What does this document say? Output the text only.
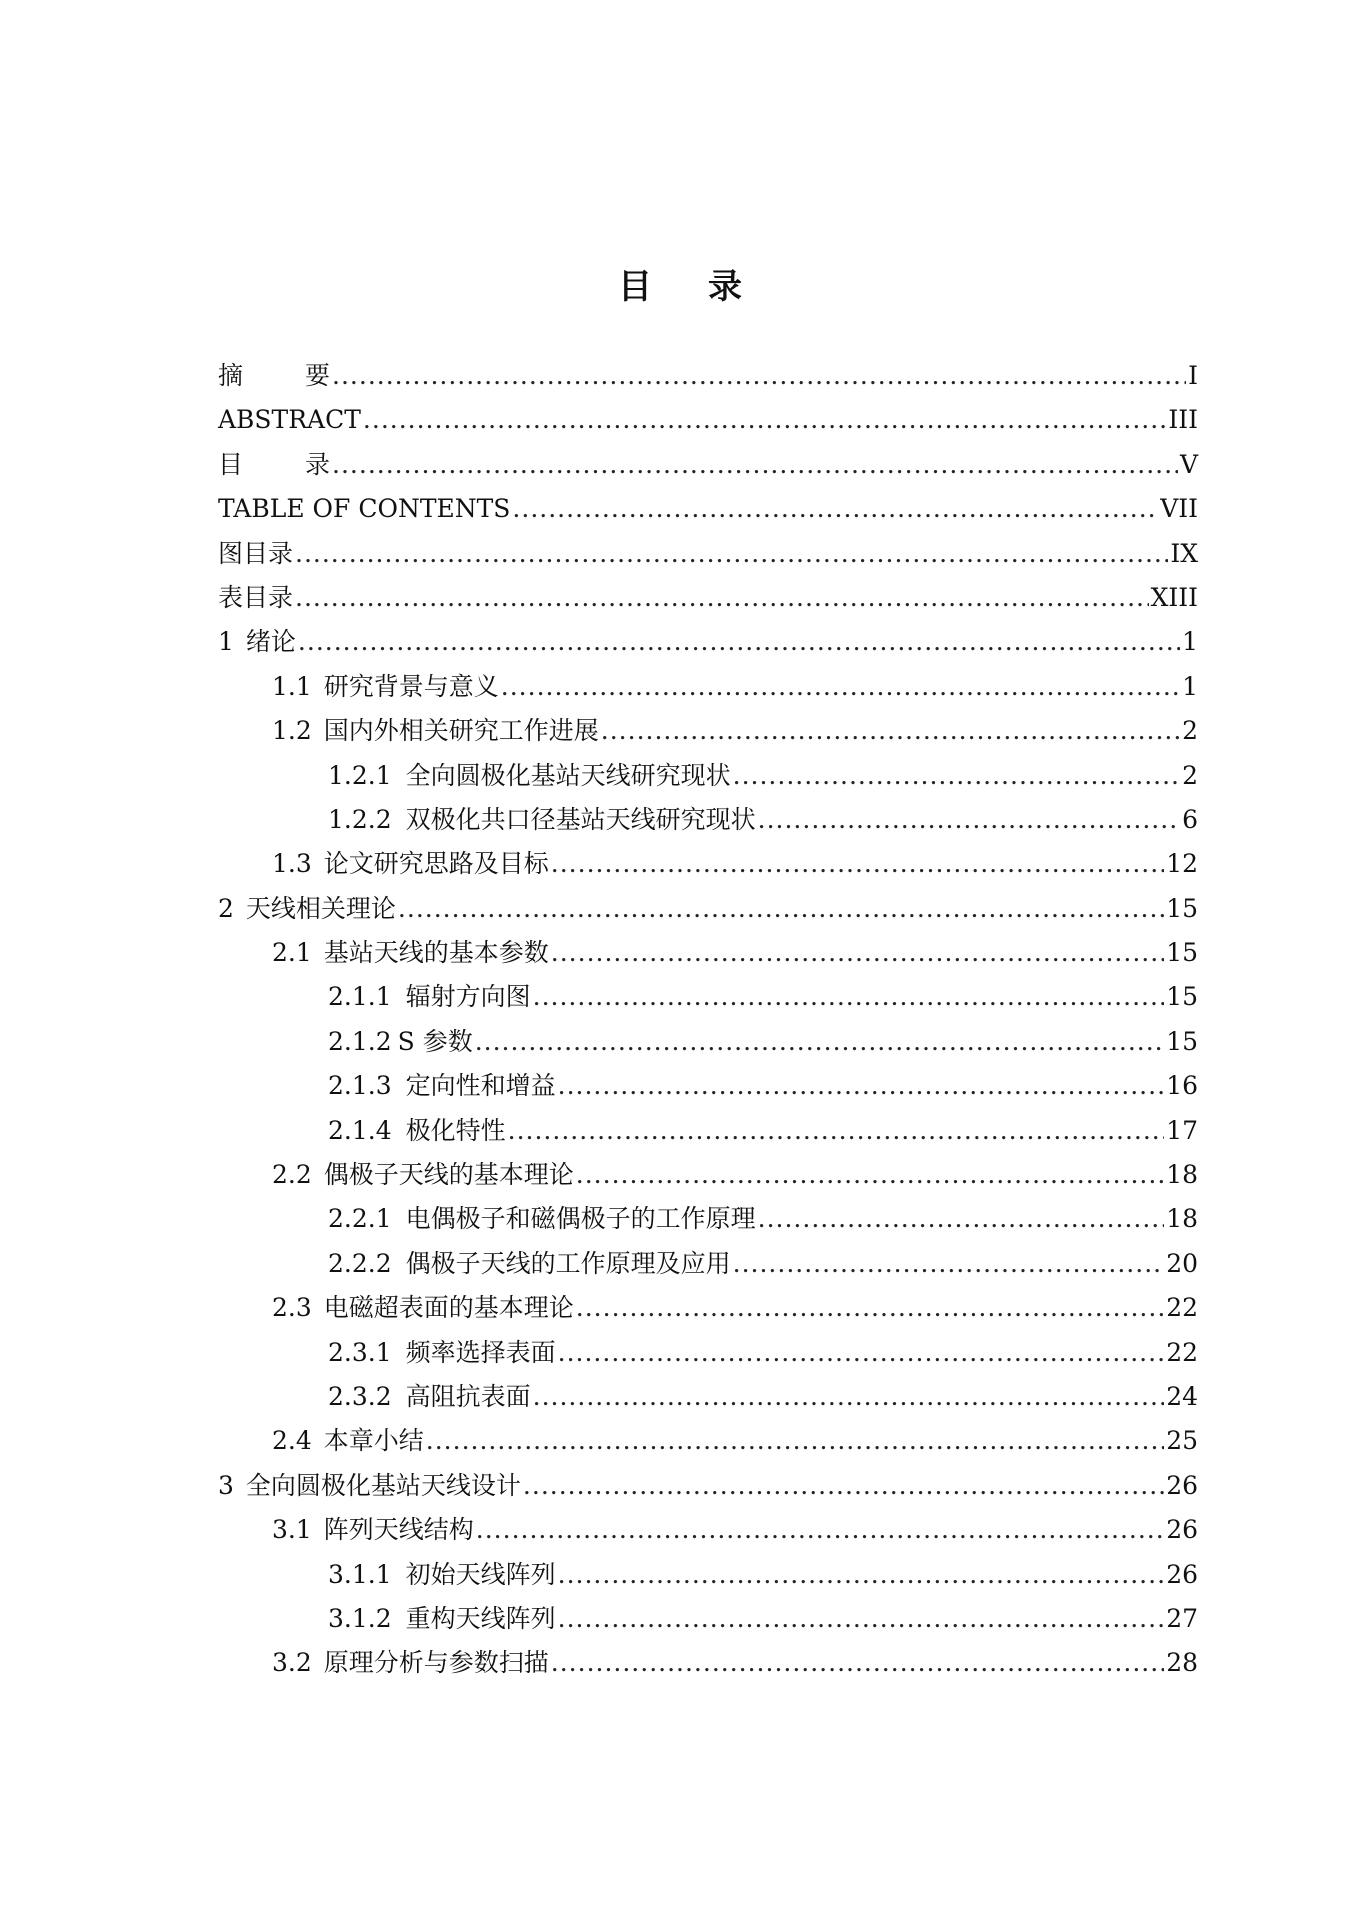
目 录
摘 要 .....	I
ABSTRACT .....	III
目 录 .....	V
TABLE OF CONTENTS .....	VII
图目录 .....	IX
表目录 .....	XIII
1 绪论 .....	1
1.1 研究背景与意义 .....	1
1.2 国内外相关研究工作进展 .....	2
1.2.1 全向圆极化基站天线研究现状 .....	2
1.2.2 双极化共口径基站天线研究现状 .....	6
1.3 论文研究思路及目标 .....	12
2 天线相关理论 .....	15
2.1 基站天线的基本参数 .....	15
2.1.1 辐射方向图 .....	15
2.1.2 S 参数 .....	15
2.1.3 定向性和增益 .....	16
2.1.4 极化特性 .....	17
2.2 偶极子天线的基本理论 .....	18
2.2.1 电偶极子和磁偶极子的工作原理 .....	18
2.2.2 偶极子天线的工作原理及应用 .....	20
2.3 电磁超表面的基本理论 .....	22
2.3.1 频率选择表面 .....	22
2.3.2 高阻抗表面 .....	24
2.4 本章小结 .....	25
3 全向圆极化基站天线设计 .....	26
3.1 阵列天线结构 .....	26
3.1.1 初始天线阵列 .....	26
3.1.2 重构天线阵列 .....	27
3.2 原理分析与参数扫描 .....	28
